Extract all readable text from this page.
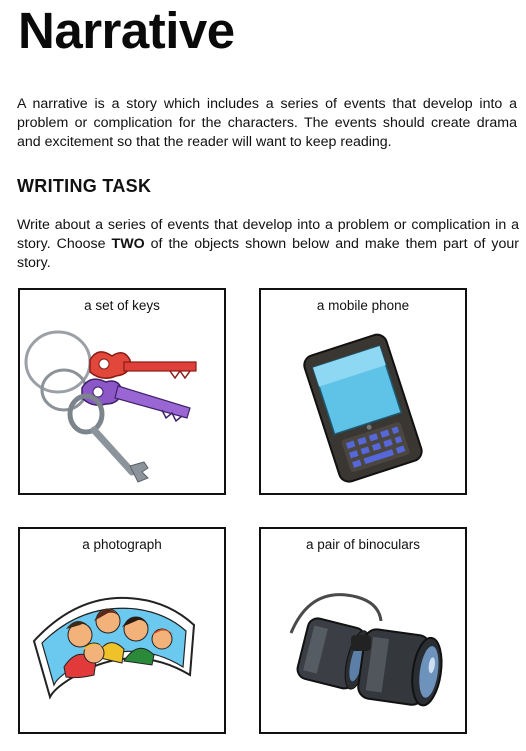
Narrative
A narrative is a story which includes a series of events that develop into a problem or complication for the characters. The events should create drama and excitement so that the reader will want to keep reading.
WRITING TASK
Write about a series of events that develop into a problem or complication in a story. Choose TWO of the objects shown below and make them part of your story.
a set of keys	a mobile phone
a photograph	a pair of binoculars
